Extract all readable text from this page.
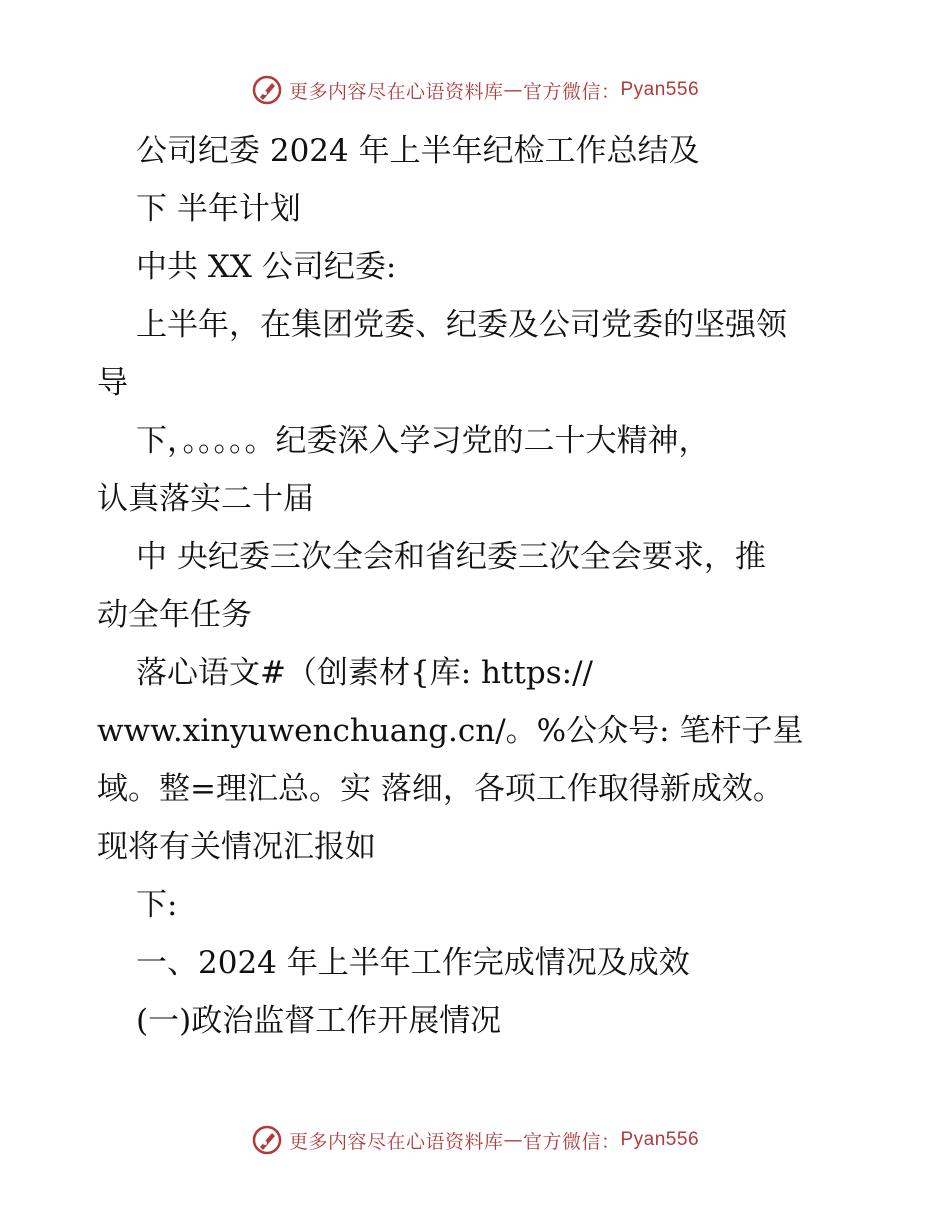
更多内容尽在心语资料库 — 官方微信： Pyan556

公司纪委 2024 年上半年纪检工作总结及

下 半年计划

中共 XX 公司纪委:

上半年，在集团党委、纪委及公司党委的坚强领

导

下，。。。。。纪委深入学习党的二十大精神，

认真落实二十届

中 央纪委三次全会和省纪委三次全会要求，推

动全年任务

落心语文#（创素材{库: https://

www.xinyuwenchuang.cn/。%公众号: 笔杆子星

域。整=理汇总。实 落细，各项工作取得新成效。

现将有关情况汇报如

下:

一、2024 年上半年工作完成情况及成效

(一)政治监督工作开展情况

更多内容尽在心语资料库 — 官方微信： Pyan556
